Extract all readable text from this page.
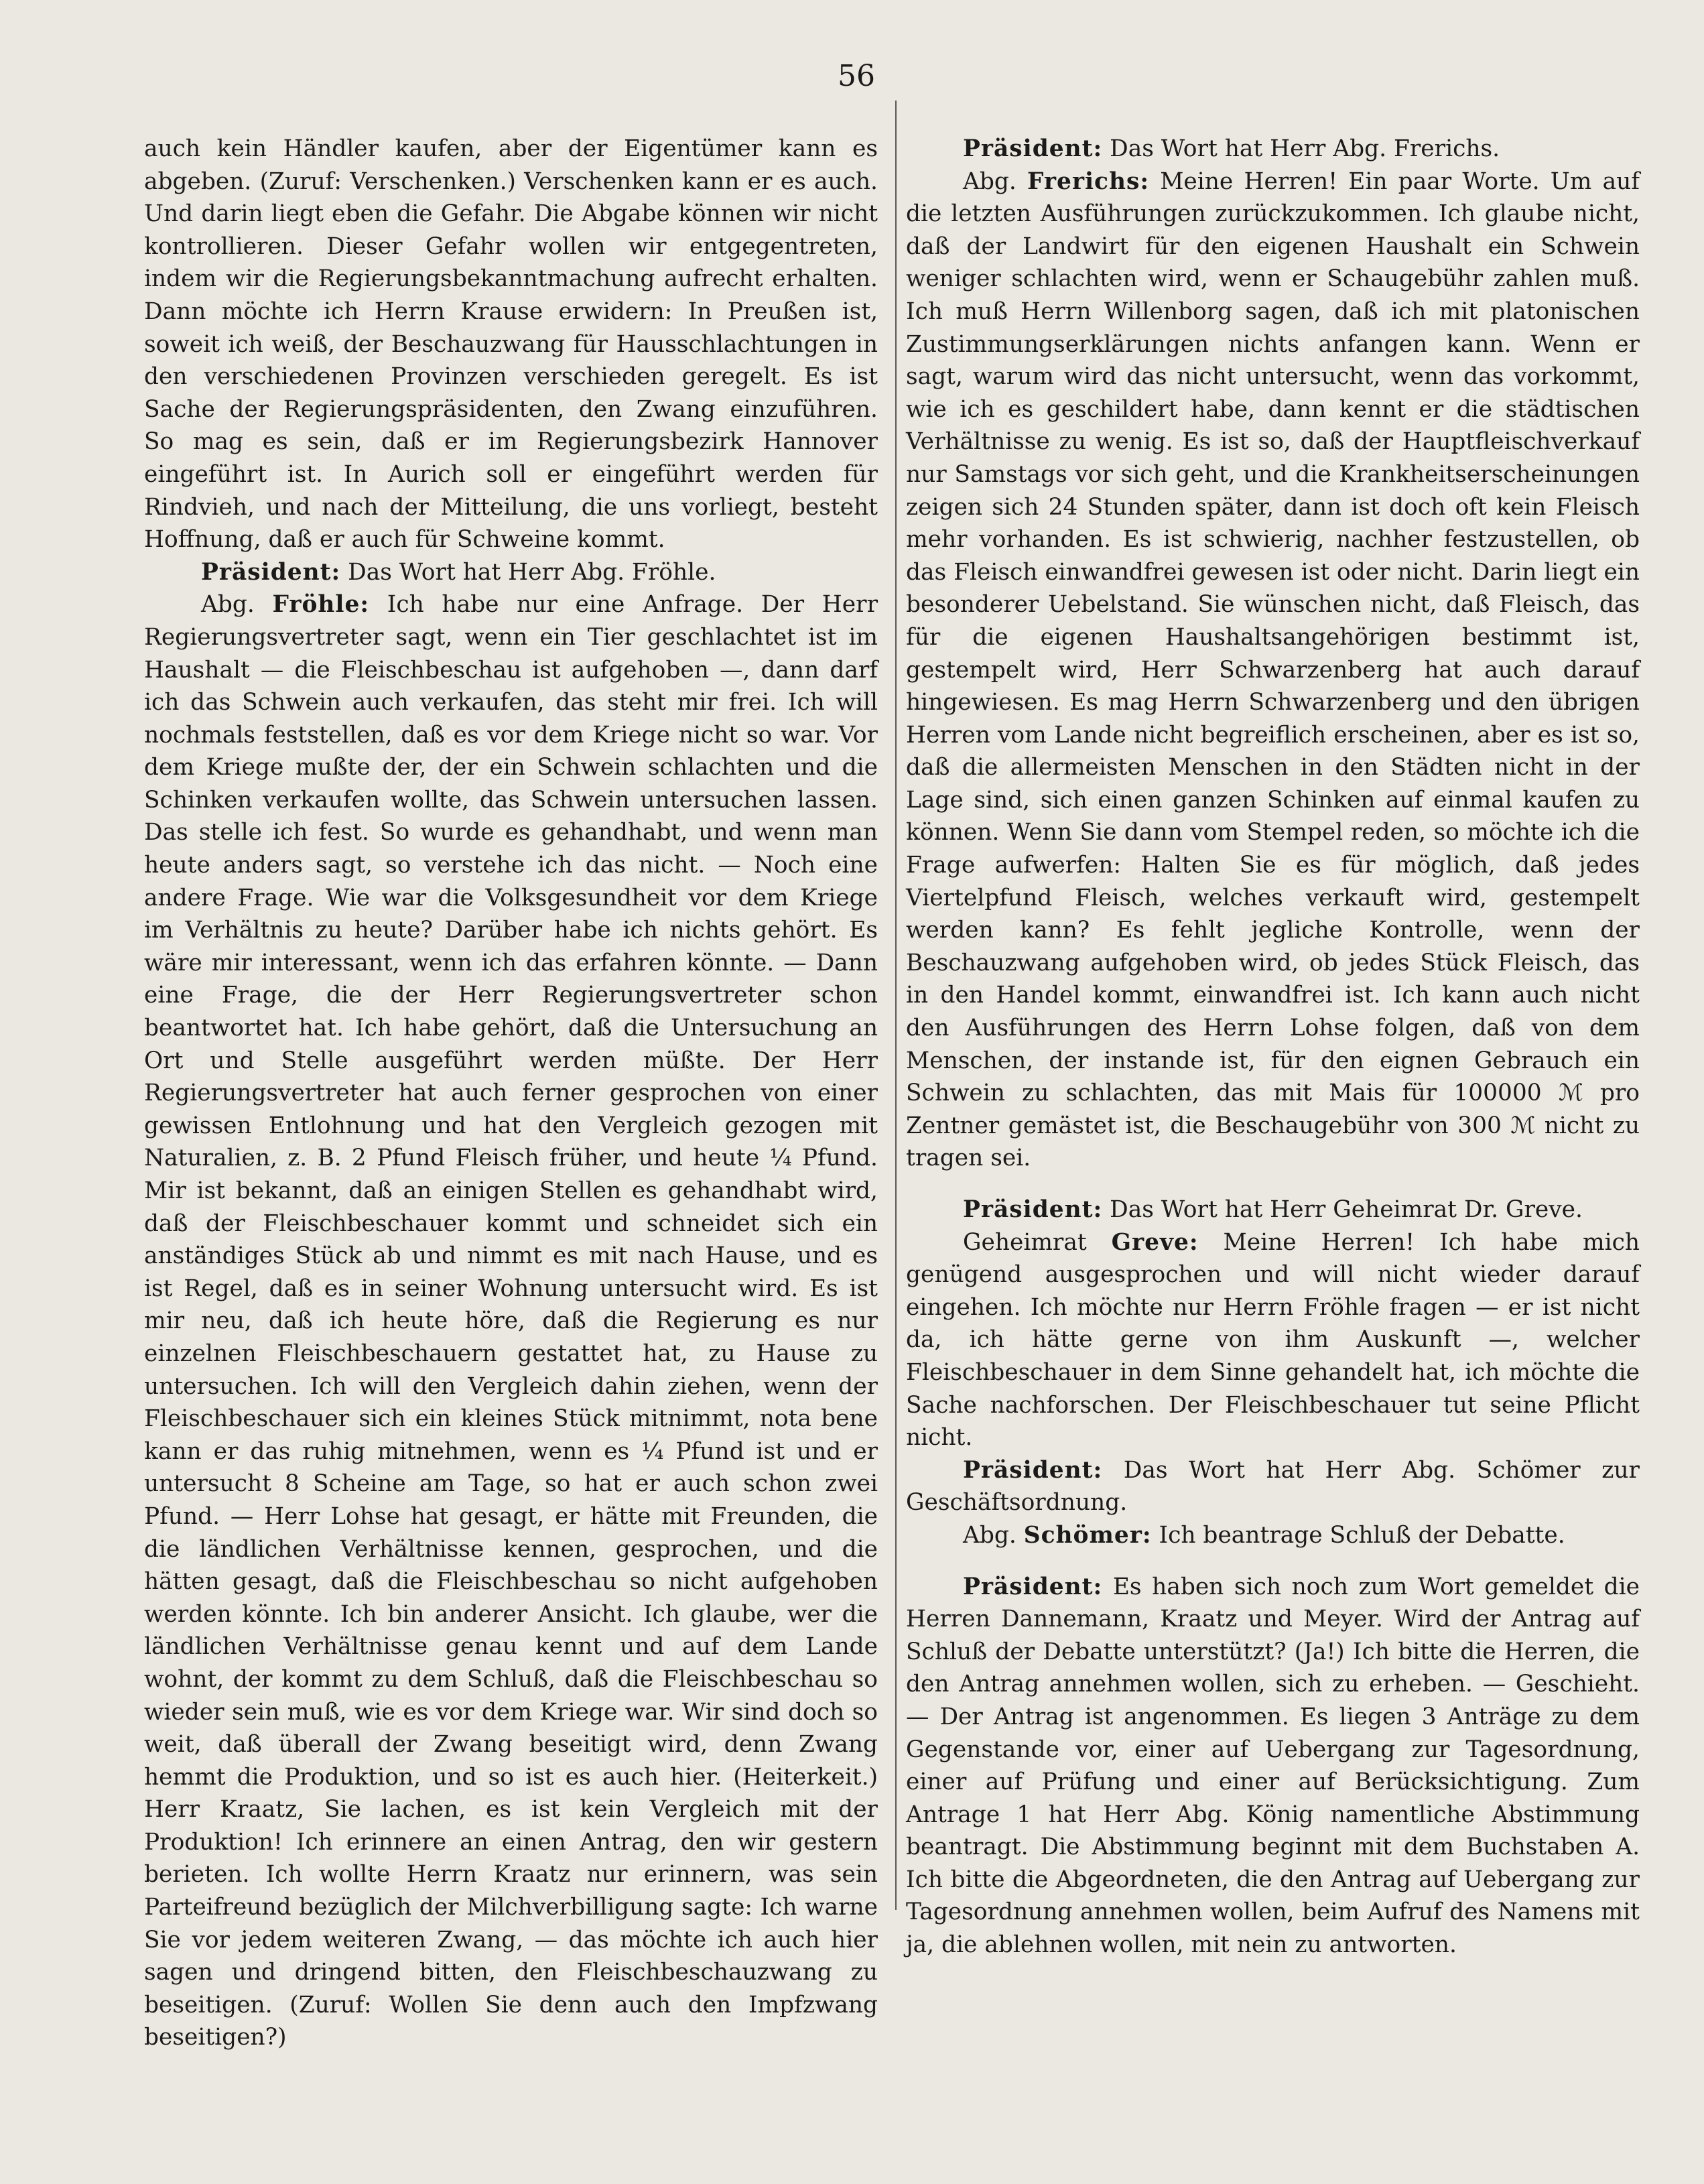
56

auch kein Händler kaufen, aber der Eigentümer kann es abgeben. (Zuruf: Verschenken.) Verschenken kann er es auch. Und darin liegt eben die Gefahr. Die Abgabe können wir nicht kontrollieren. Dieser Gefahr wollen wir entgegentreten, indem wir die Regierungsbekanntmachung aufrecht erhalten. Dann möchte ich Herrn Krause erwidern: In Preußen ist, soweit ich weiß, der Beschauzwang für Hausschlachtungen in den verschiedenen Provinzen verschieden geregelt. Es ist Sache der Regierungspräsidenten, den Zwang einzuführen. So mag es sein, daß er im Regierungsbezirk Hannover eingeführt ist. In Aurich soll er eingeführt werden für Rindvieh, und nach der Mitteilung, die uns vorliegt, besteht Hoffnung, daß er auch für Schweine kommt.

Präsident: Das Wort hat Herr Abg. Fröhle.

Abg. Fröhle: Ich habe nur eine Anfrage. Der Herr Regierungsvertreter sagt, wenn ein Tier geschlachtet ist im Haushalt — die Fleischbeschau ist aufgehoben —, dann darf ich das Schwein auch verkaufen, das steht mir frei. Ich will nochmals feststellen, daß es vor dem Kriege nicht so war. Vor dem Kriege mußte der, der ein Schwein schlachten und die Schinken verkaufen wollte, das Schwein untersuchen lassen. Das stelle ich fest. So wurde es gehandhabt, und wenn man heute anders sagt, so verstehe ich das nicht. — Noch eine andere Frage. Wie war die Volksgesundheit vor dem Kriege im Verhältnis zu heute? Darüber habe ich nichts gehört. Es wäre mir interessant, wenn ich das erfahren könnte. — Dann eine Frage, die der Herr Regierungsvertreter schon beantwortet hat. Ich habe gehört, daß die Untersuchung an Ort und Stelle ausgeführt werden müßte. Der Herr Regierungsvertreter hat auch ferner gesprochen von einer gewissen Entlohnung und hat den Vergleich gezogen mit Naturalien, z. B. 2 Pfund Fleisch früher, und heute ¼ Pfund. Mir ist bekannt, daß an einigen Stellen es gehandhabt wird, daß der Fleischbeschauer kommt und schneidet sich ein anständiges Stück ab und nimmt es mit nach Hause, und es ist Regel, daß es in seiner Wohnung untersucht wird. Es ist mir neu, daß ich heute höre, daß die Regierung es nur einzelnen Fleischbeschauern gestattet hat, zu Hause zu untersuchen. Ich will den Vergleich dahin ziehen, wenn der Fleischbeschauer sich ein kleines Stück mitnimmt, nota bene kann er das ruhig mitnehmen, wenn es ¼ Pfund ist und er untersucht 8 Scheine am Tage, so hat er auch schon zwei Pfund. — Herr Lohse hat gesagt, er hätte mit Freunden, die die ländlichen Verhältnisse kennen, gesprochen, und die hätten gesagt, daß die Fleischbeschau so nicht aufgehoben werden könnte. Ich bin anderer Ansicht. Ich glaube, wer die ländlichen Verhältnisse genau kennt und auf dem Lande wohnt, der kommt zu dem Schluß, daß die Fleischbeschau so wieder sein muß, wie es vor dem Kriege war. Wir sind doch so weit, daß überall der Zwang beseitigt wird, denn Zwang hemmt die Produktion, und so ist es auch hier. (Heiterkeit.) Herr Kraatz, Sie lachen, es ist kein Vergleich mit der Produktion! Ich erinnere an einen Antrag, den wir gestern berieten. Ich wollte Herrn Kraatz nur erinnern, was sein Parteifreund bezüglich der Milchverbilligung sagte: Ich warne Sie vor jedem weiteren Zwang, — das möchte ich auch hier sagen und dringend bitten, den Fleischbeschauzwang zu beseitigen. (Zuruf: Wollen Sie denn auch den Impfzwang beseitigen?)

Präsident: Das Wort hat Herr Abg. Frerichs.

Abg. Frerichs: Meine Herren! Ein paar Worte. Um auf die letzten Ausführungen zurückzukommen. Ich glaube nicht, daß der Landwirt für den eigenen Haushalt ein Schwein weniger schlachten wird, wenn er Schaugebühr zahlen muß. Ich muß Herrn Willenborg sagen, daß ich mit platonischen Zustimmungserklärungen nichts anfangen kann. Wenn er sagt, warum wird das nicht untersucht, wenn das vorkommt, wie ich es geschildert habe, dann kennt er die städtischen Verhältnisse zu wenig. Es ist so, daß der Hauptfleischverkauf nur Samstags vor sich geht, und die Krankheitserscheinungen zeigen sich 24 Stunden später, dann ist doch oft kein Fleisch mehr vorhanden. Es ist schwierig, nachher festzustellen, ob das Fleisch einwandfrei gewesen ist oder nicht. Darin liegt ein besonderer Uebelstand. Sie wünschen nicht, daß Fleisch, das für die eigenen Haushaltsangehörigen bestimmt ist, gestempelt wird, Herr Schwarzenberg hat auch darauf hingewiesen. Es mag Herrn Schwarzenberg und den übrigen Herren vom Lande nicht begreiflich erscheinen, aber es ist so, daß die allermeisten Menschen in den Städten nicht in der Lage sind, sich einen ganzen Schinken auf einmal kaufen zu können. Wenn Sie dann vom Stempel reden, so möchte ich die Frage aufwerfen: Halten Sie es für möglich, daß jedes Viertelpfund Fleisch, welches verkauft wird, gestempelt werden kann? Es fehlt jegliche Kontrolle, wenn der Beschauzwang aufgehoben wird, ob jedes Stück Fleisch, das in den Handel kommt, einwandfrei ist. Ich kann auch nicht den Ausführungen des Herrn Lohse folgen, daß von dem Menschen, der instande ist, für den eignen Gebrauch ein Schwein zu schlachten, das mit Mais für 100000 ℳ pro Zentner gemästet ist, die Beschaugebühr von 300 ℳ nicht zu tragen sei.

Präsident: Das Wort hat Herr Geheimrat Dr. Greve.

Geheimrat Greve: Meine Herren! Ich habe mich genügend ausgesprochen und will nicht wieder darauf eingehen. Ich möchte nur Herrn Fröhle fragen — er ist nicht da, ich hätte gerne von ihm Auskunft —, welcher Fleischbeschauer in dem Sinne gehandelt hat, ich möchte die Sache nachforschen. Der Fleischbeschauer tut seine Pflicht nicht.

Präsident: Das Wort hat Herr Abg. Schömer zur Geschäftsordnung.

Abg. Schömer: Ich beantrage Schluß der Debatte.

Präsident: Es haben sich noch zum Wort gemeldet die Herren Dannemann, Kraatz und Meyer. Wird der Antrag auf Schluß der Debatte unterstützt? (Ja!) Ich bitte die Herren, die den Antrag annehmen wollen, sich zu erheben. — Geschieht. — Der Antrag ist angenommen. Es liegen 3 Anträge zu dem Gegenstande vor, einer auf Uebergang zur Tagesordnung, einer auf Prüfung und einer auf Berücksichtigung. Zum Antrage 1 hat Herr Abg. König namentliche Abstimmung beantragt. Die Abstimmung beginnt mit dem Buchstaben A. Ich bitte die Abgeordneten, die den Antrag auf Uebergang zur Tagesordnung annehmen wollen, beim Aufruf des Namens mit ja, die ablehnen wollen, mit nein zu antworten.
